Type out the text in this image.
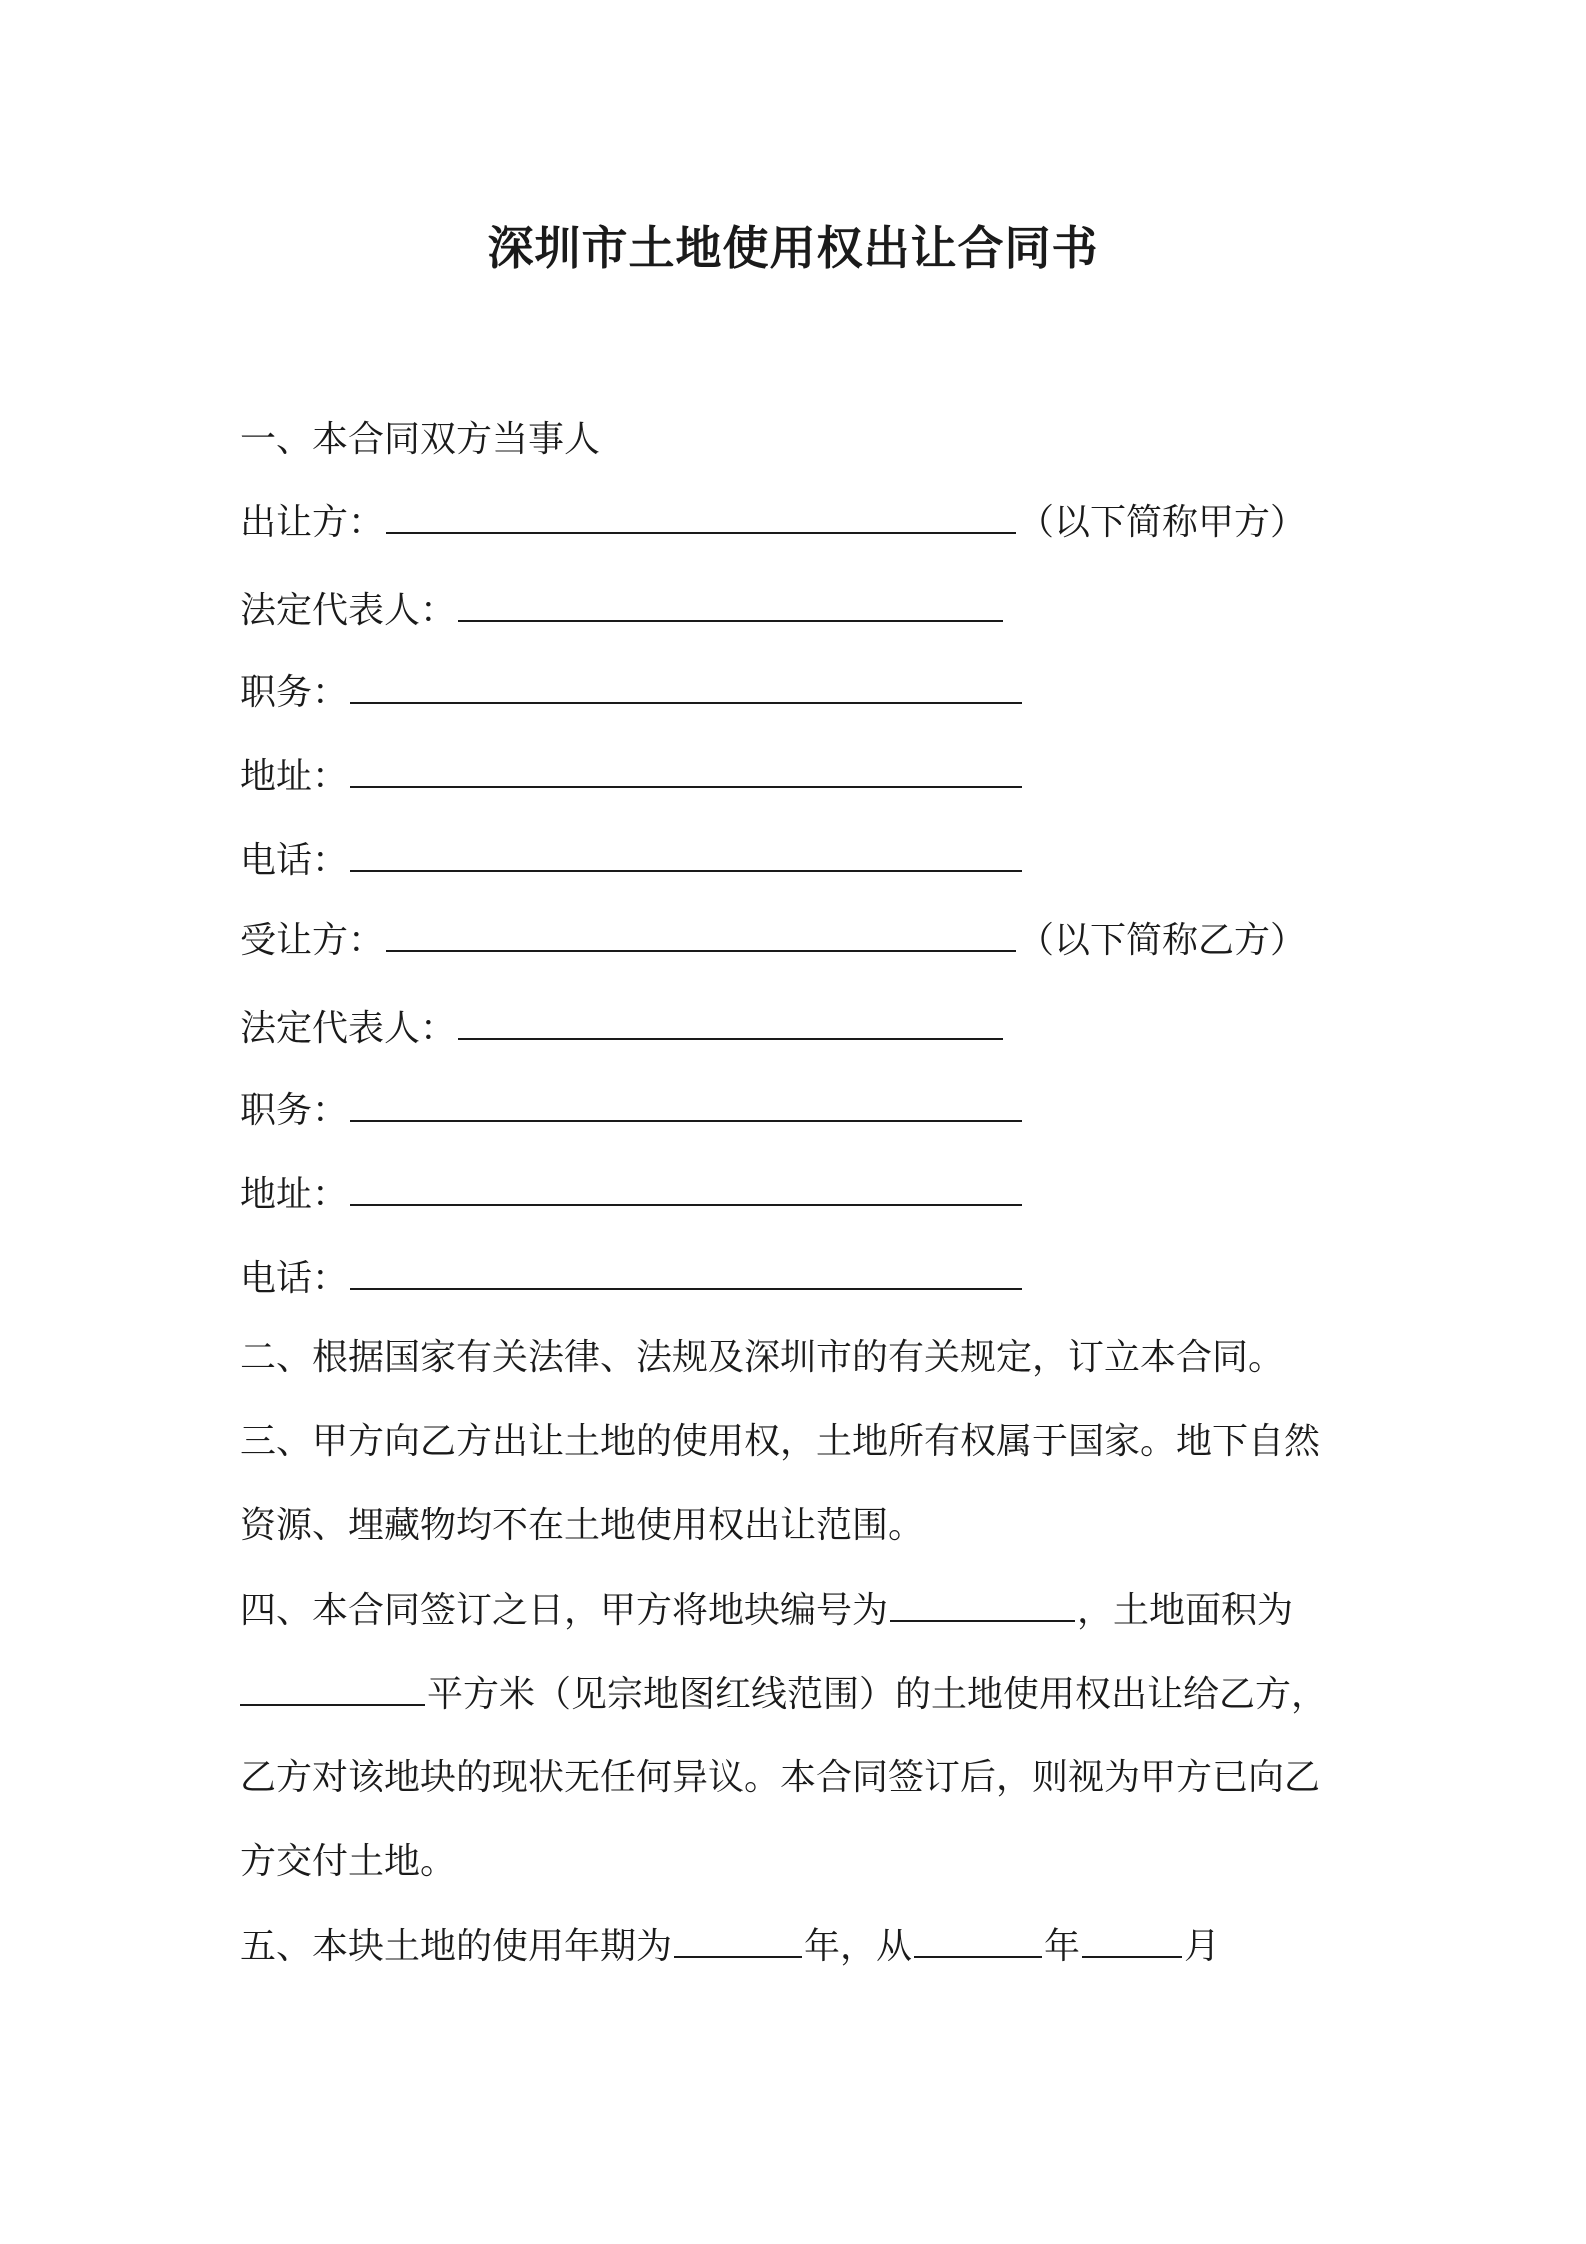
深圳市土地使用权出让合同书
一、本合同双方当事人
出让方：	（以下简称甲方）
法定代表人：
职务：
地址：
电话：
受让方：	（以下简称乙方）
法定代表人：
职务：
地址：
电话：
二、根据国家有关法律、法规及深圳市的有关规定，订立本合同。
三、甲方向乙方出让土地的使用权，土地所有权属于国家。地下自然
资源、埋藏物均不在土地使用权出让范围。
四、本合同签订之日，甲方将地块编号为	，土地面积为
平方米（见宗地图红线范围）的土地使用权出让给乙方，
乙方对该地块的现状无任何异议。本合同签订后，则视为甲方已向乙
方交付土地。
五、本块土地的使用年期为	年，从	年	月
